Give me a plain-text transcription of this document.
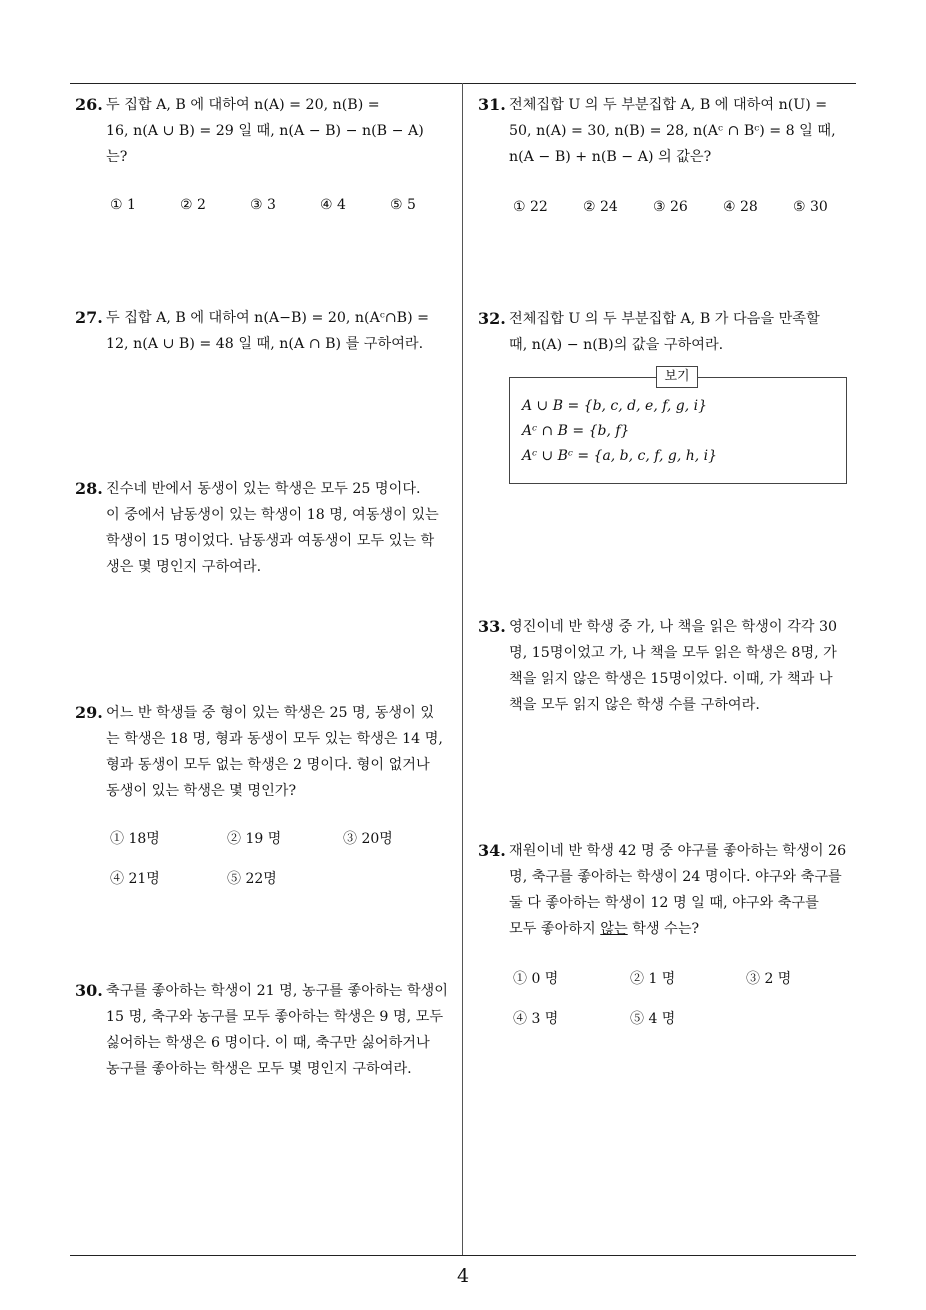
26. 두 집합 A, B 에 대하여 n(A) = 20, n(B) =
16, n(A ∪ B) = 29 일 때, n(A − B) − n(B − A)
는?
① 1	② 2	③ 3	④ 4	⑤ 5
27. 두 집합 A, B 에 대하여 n(A−B) = 20, n(Aᶜ∩B) =
12, n(A ∪ B) = 48 일 때, n(A ∩ B) 를 구하여라.
28. 진수네 반에서 동생이 있는 학생은 모두 25 명이다.
이 중에서 남동생이 있는 학생이 18 명, 여동생이 있는
학생이 15 명이었다. 남동생과 여동생이 모두 있는 학
생은 몇 명인지 구하여라.
29. 어느 반 학생들 중 형이 있는 학생은 25 명, 동생이 있
는 학생은 18 명, 형과 동생이 모두 있는 학생은 14 명,
형과 동생이 모두 없는 학생은 2 명이다. 형이 없거나
동생이 있는 학생은 몇 명인가?
① 18명	② 19 명	③ 20명
④ 21명	⑤ 22명
30. 축구를 좋아하는 학생이 21 명, 농구를 좋아하는 학생이
15 명, 축구와 농구를 모두 좋아하는 학생은 9 명, 모두
싫어하는 학생은 6 명이다. 이 때, 축구만 싫어하거나
농구를 좋아하는 학생은 모두 몇 명인지 구하여라.
31. 전체집합 U 의 두 부분집합 A, B 에 대하여 n(U) =
50, n(A) = 30, n(B) = 28, n(Aᶜ ∩ Bᶜ) = 8 일 때,
n(A − B) + n(B − A) 의 값은?
① 22	② 24	③ 26	④ 28	⑤ 30
32. 전체집합 U 의 두 부분집합 A, B 가 다음을 만족할
때, n(A) − n(B)의 값을 구하여라.
보기
A ∪ B = {b, c, d, e, f, g, i}
Aᶜ ∩ B = {b, f}
Aᶜ ∪ Bᶜ = {a, b, c, f, g, h, i}
33. 영진이네 반 학생 중 가, 나 책을 읽은 학생이 각각 30
명, 15명이었고 가, 나 책을 모두 읽은 학생은 8명, 가
책을 읽지 않은 학생은 15명이었다. 이때, 가 책과 나
책을 모두 읽지 않은 학생 수를 구하여라.
34. 재원이네 반 학생 42 명 중 야구를 좋아하는 학생이 26
명, 축구를 좋아하는 학생이 24 명이다. 야구와 축구를
둘 다 좋아하는 학생이 12 명 일 때, 야구와 축구를
모두 좋아하지 않는 학생 수는?
① 0 명	② 1 명	③ 2 명
④ 3 명	⑤ 4 명
4
